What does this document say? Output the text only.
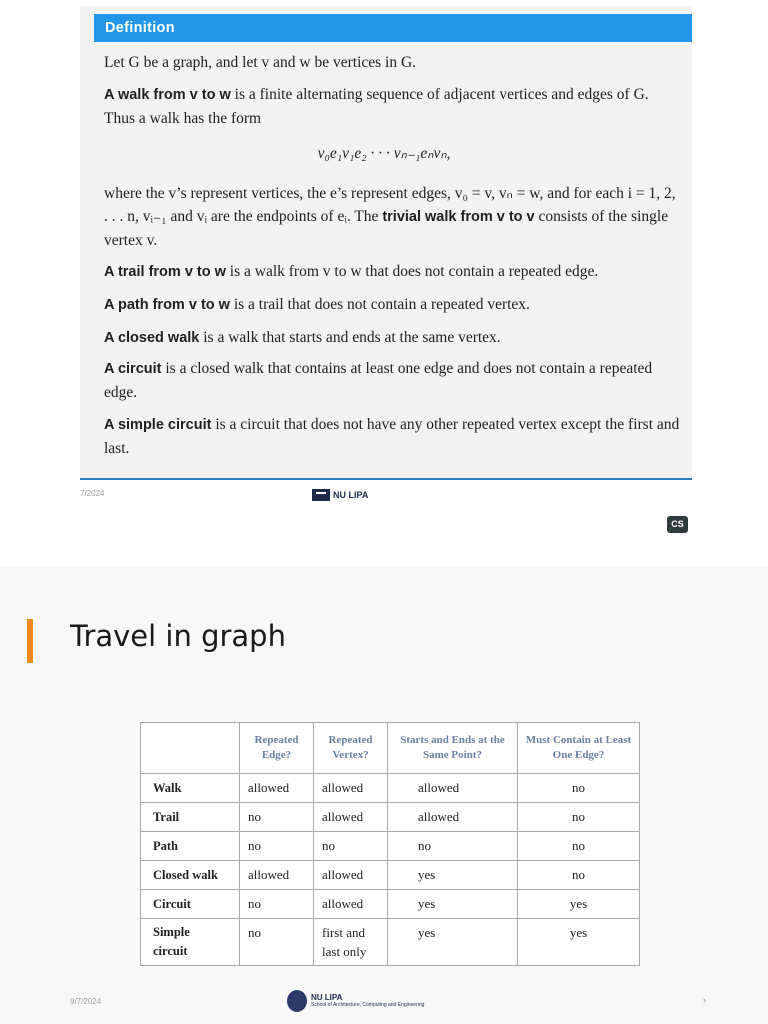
Definition
Let G be a graph, and let v and w be vertices in G.
A walk from v to w is a finite alternating sequence of adjacent vertices and edges of G. Thus a walk has the form
v₀e₁v₁e₂ · · · vₙ₋₁eₙvₙ,
where the v’s represent vertices, the e’s represent edges, v₀ = v, vₙ = w, and for each i = 1, 2, . . . n, vᵢ₋₁ and vᵢ are the endpoints of eᵢ. The trivial walk from v to v consists of the single vertex v.
A trail from v to w is a walk from v to w that does not contain a repeated edge.
A path from v to w is a trail that does not contain a repeated vertex.
A closed walk is a walk that starts and ends at the same vertex.
A circuit is a closed walk that contains at least one edge and does not contain a repeated edge.
A simple circuit is a circuit that does not have any other repeated vertex except the first and last.
7/2024	NU LIPA
CS
Travel in graph
	Repeated Edge?	Repeated Vertex?	Starts and Ends at the Same Point?	Must Contain at Least One Edge?
Walk	allowed	allowed	allowed	no
Trail	no	allowed	allowed	no
Path	no	no	no	no
Closed walk	allowed	allowed	yes	no
Circuit	no	allowed	yes	yes
Simple circuit	no	first and last only	yes	yes
9/7/2024	NU LIPA
School of Architecture, Computing and Engineering	›
